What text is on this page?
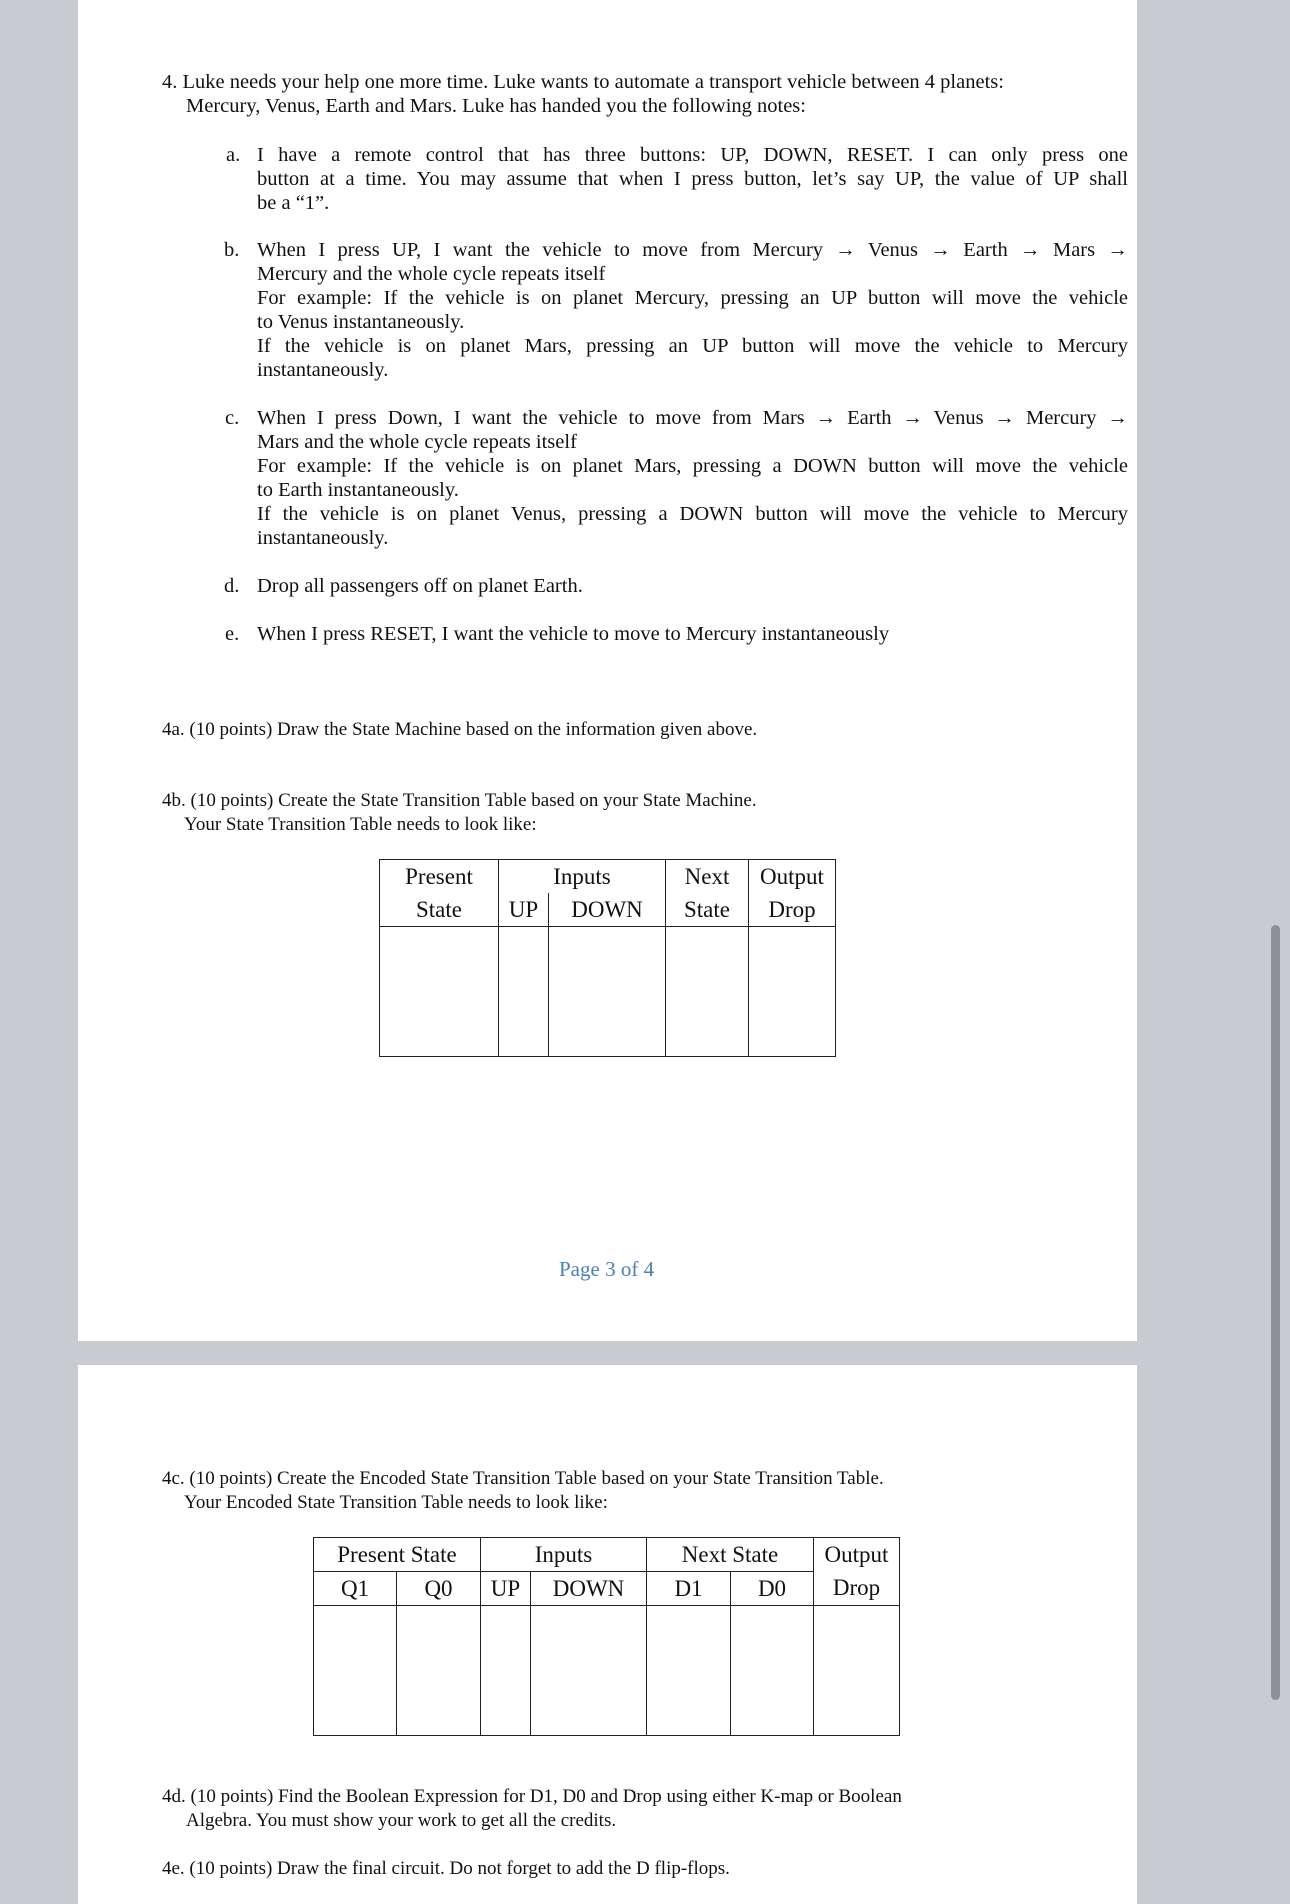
4. Luke needs your help one more time. Luke wants to automate a transport vehicle between 4 planets:
Mercury, Venus, Earth and Mars. Luke has handed you the following notes:
a. I have a remote control that has three buttons: UP, DOWN, RESET. I can only press one
button at a time. You may assume that when I press button, let’s say UP, the value of UP shall
be a “1”.
b. When I press UP, I want the vehicle to move from Mercury → Venus → Earth → Mars →
Mercury and the whole cycle repeats itself
For example: If the vehicle is on planet Mercury, pressing an UP button will move the vehicle
to Venus instantaneously.
If the vehicle is on planet Mars, pressing an UP button will move the vehicle to Mercury
instantaneously.
c. When I press Down, I want the vehicle to move from Mars → Earth → Venus → Mercury →
Mars and the whole cycle repeats itself
For example: If the vehicle is on planet Mars, pressing a DOWN button will move the vehicle
to Earth instantaneously.
If the vehicle is on planet Venus, pressing a DOWN button will move the vehicle to Mercury
instantaneously.
d. Drop all passengers off on planet Earth.
e. When I press RESET, I want the vehicle to move to Mercury instantaneously
4a. (10 points) Draw the State Machine based on the information given above.
4b. (10 points) Create the State Transition Table based on your State Machine.
Your State Transition Table needs to look like:
Present	Inputs		Next	Output
State	UP	DOWN	State	Drop

Page 3 of 4
4c. (10 points) Create the Encoded State Transition Table based on your State Transition Table.
Your Encoded State Transition Table needs to look like:
Present State		Inputs		Next State		Output
Q1	Q0	UP	DOWN	D1	D0	Drop

4d. (10 points) Find the Boolean Expression for D1, D0 and Drop using either K-map or Boolean
Algebra. You must show your work to get all the credits.
4e. (10 points) Draw the final circuit. Do not forget to add the D flip-flops.
